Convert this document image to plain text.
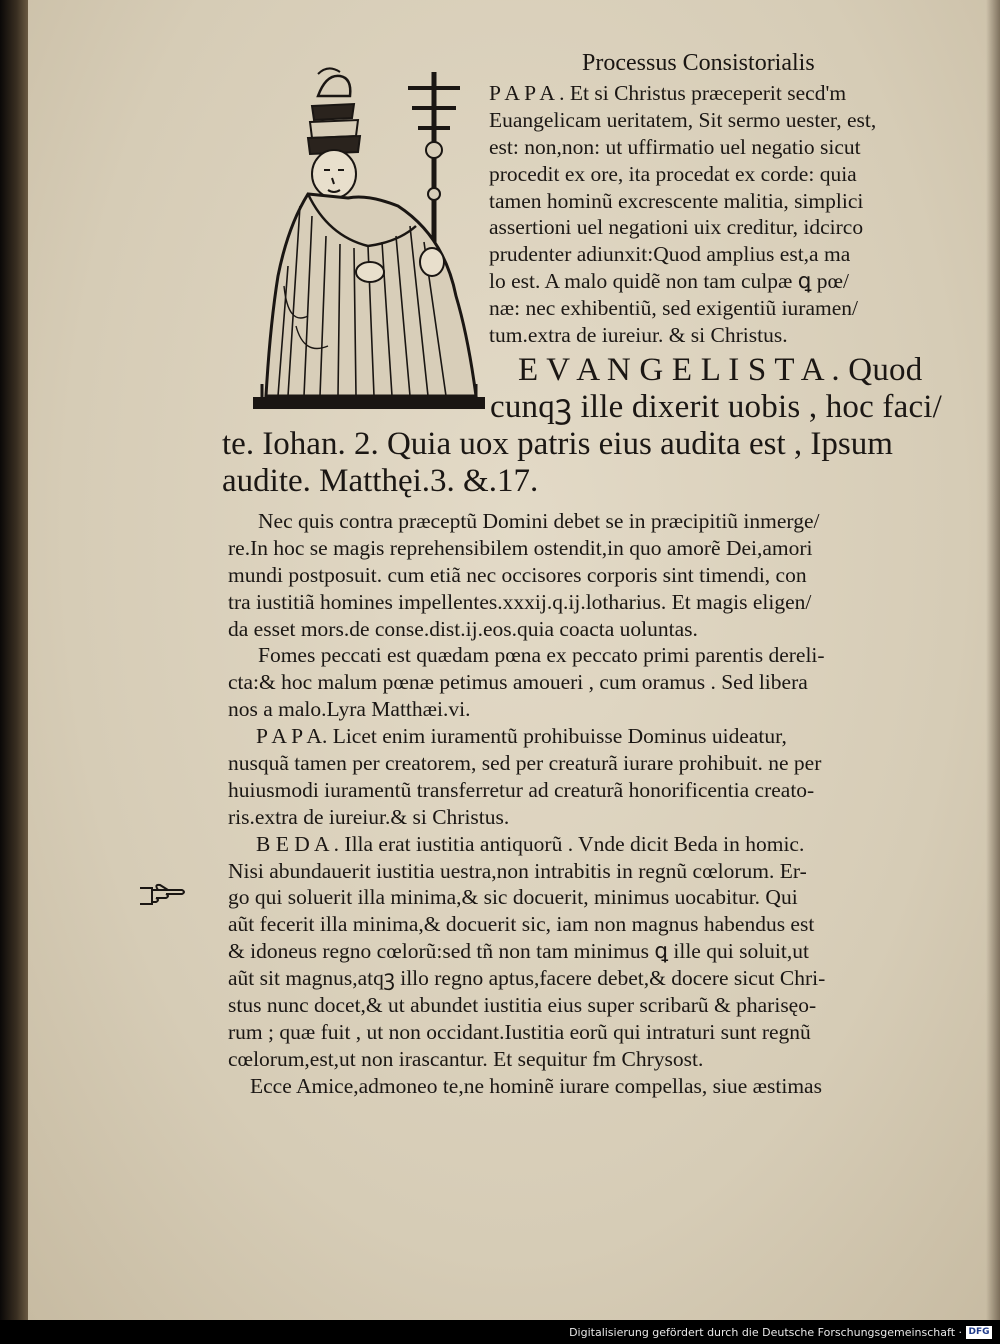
Processus Consistorialis
P A P A . Et si Christus præceperit secd'm
Euangelicam ueritatem, Sit sermo uester, est,
est: non,non: ut uffirmatio uel negatio sicut
procedit ex ore, ita procedat ex corde: quia
tamen hominũ excrescente malitia, simplici
assertioni uel negationi uix creditur, idcirco
prudenter adiunxit:Quod amplius est,a ma
lo est. A malo quidẽ non tam culpæ ꝗ pœ/
næ: nec exhibentiũ, sed exigentiũ iuramen/
tum.extra de iureiur. & si Christus.
E V A N G E L I S T A . Quod
cunqꝫ ille dixerit uobis , hoc faci/
te. Iohan. 2. Quia uox patris eius audita est , Ipsum
audite. Matthęi.3. &.17.
Nec quis contra præceptũ Domini debet se in præcipitiũ inmerge/
re.In hoc se magis reprehensibilem ostendit,in quo amorẽ Dei,amori
mundi postposuit. cum etiã nec occisores corporis sint timendi, con
tra iustitiã homines impellentes.xxxij.q.ij.lotharius. Et magis eligen/
da esset mors.de conse.dist.ij.eos.quia coacta uoluntas.
Fomes peccati est quædam pœna ex peccato primi parentis dereli-
cta:& hoc malum pœnæ petimus amoueri , cum oramus . Sed libera
nos a malo.Lyra Matthæi.vi.
P A P A. Licet enim iuramentũ prohibuisse Dominus uideatur,
nusquã tamen per creatorem, sed per creaturã iurare prohibuit. ne per
huiusmodi iuramentũ transferretur ad creaturã honorificentia creato-
ris.extra de iureiur.& si Christus.
B E D A . Illa erat iustitia antiquorũ . Vnde dicit Beda in homic.
Nisi abundauerit iustitia uestra,non intrabitis in regnũ cœlorum. Er-
go qui soluerit illa minima,& sic docuerit, minimus uocabitur. Qui
aũt fecerit illa minima,& docuerit sic, iam non magnus habendus est
& idoneus regno cœlorũ:sed tñ non tam minimus ꝗ ille qui soluit,ut
aũt sit magnus,atqꝫ illo regno aptus,facere debet,& docere sicut Chri-
stus nunc docet,& ut abundet iustitia eius super scribarũ & pharisęo-
rum ; quæ fuit , ut non occidant.Iustitia eorũ qui intraturi sunt regnũ
cœlorum,est,ut non irascantur. Et sequitur fm Chrysost.
Ecce Amice,admoneo te,ne hominẽ iurare compellas, siue æstimas
Digitalisierung gefördert durch die Deutsche Forschungsgemeinschaft · DFG
